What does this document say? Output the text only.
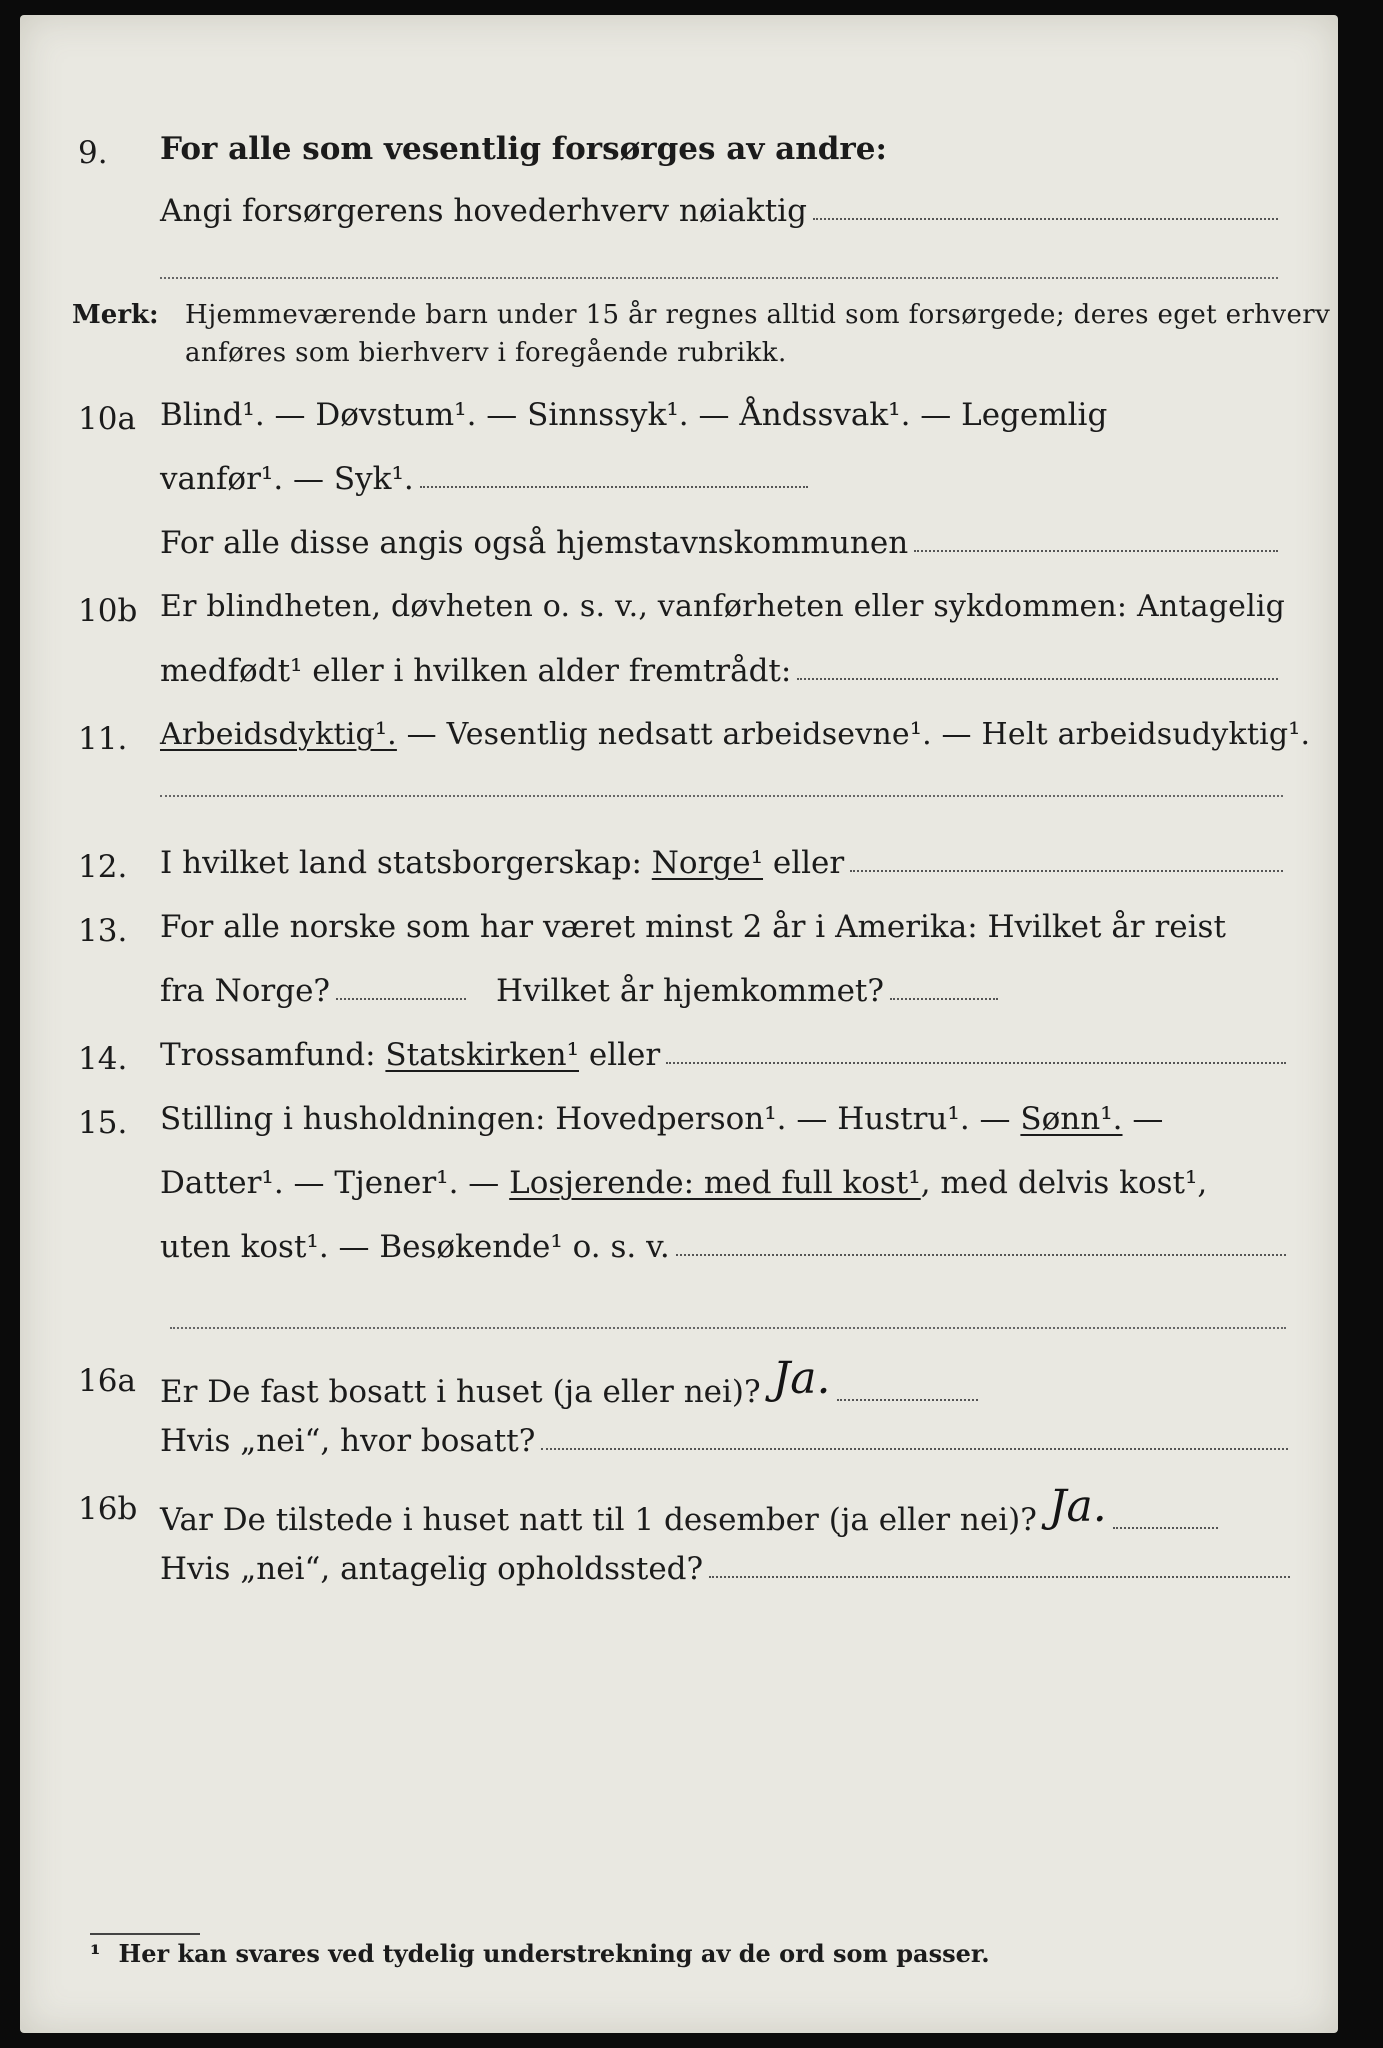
9. For alle som vesentlig forsørges av andre:
Angi forsørgerens hovederhverv nøiaktig
Merk: Hjemmeværende barn under 15 år regnes alltid som forsørgede; deres eget erhverv
anføres som bierhverv i foregående rubrikk.
10a Blind¹. — Døvstum¹. — Sinnssyk¹. — Åndssvak¹. — Legemlig
vanfør¹. — Syk¹.
For alle disse angis også hjemstavnskommunen
10b Er blindheten, døvheten o. s. v., vanførheten eller sykdommen: Antagelig
medfødt¹ eller i hvilken alder fremtrådt:
11. Arbeidsdyktig¹. — Vesentlig nedsatt arbeidsevne¹. — Helt arbeidsudyktig¹.
12. I hvilket land statsborgerskap: Norge¹ eller
13. For alle norske som har været minst 2 år i Amerika: Hvilket år reist
fra Norge?	Hvilket år hjemkommet?
14. Trossamfund: Statskirken¹ eller
15. Stilling i husholdningen: Hovedperson¹. — Hustru¹. — Sønn¹. —
Datter¹. — Tjener¹. — Losjerende: med full kost¹ , med delvis kost¹,
uten kost¹. — Besøkende¹ o. s. v.
16a Er De fast bosatt i huset (ja eller nei)? Ja.
Hvis „nei“, hvor bosatt?
16b Var De tilstede i huset natt til 1 desember (ja eller nei)? Ja.
Hvis „nei“, antagelig opholdssted?
¹ Her kan svares ved tydelig understrekning av de ord som passer.
